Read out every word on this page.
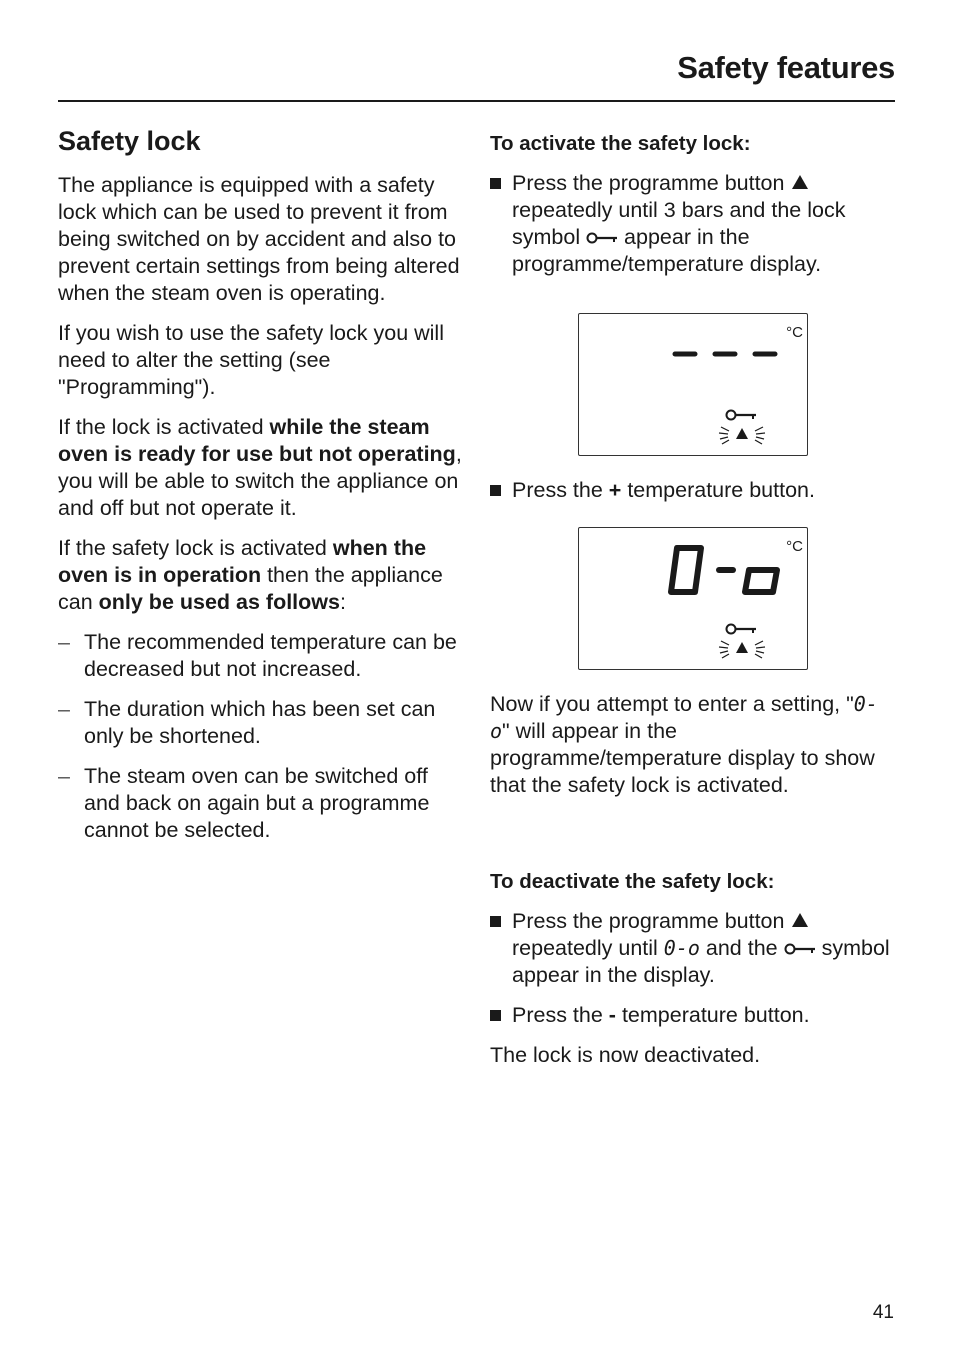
Safety features
Safety lock

The appliance is equipped with a safety lock which can be used to prevent it from being switched on by accident and also to prevent certain settings from being altered when the steam oven is operating.

If you wish to use the safety lock you will need to alter the setting (see "Programming").

If the lock is activated while the steam oven is ready for use but not operating, you will be able to switch the appliance on and off but not operate it.

If the safety lock is activated when the oven is in operation then the appliance can only be used as follows:

– The recommended temperature can be decreased but not increased.
– The duration which has been set can only be shortened.
– The steam oven can be switched off and back on again but a programme cannot be selected.
To activate the safety lock:
Press the programme button  repeatedly until 3 bars and the lock symbol  appear in the programme/temperature display.
°C
Press the + temperature button.
°C

Now if you attempt to enter a setting, "0-o" will appear in the programme/temperature display to show that the safety lock is activated.

To deactivate the safety lock:
Press the programme button  repeatedly until 0-o and the  symbol appear in the display.
Press the - temperature button.

The lock is now deactivated.

41
